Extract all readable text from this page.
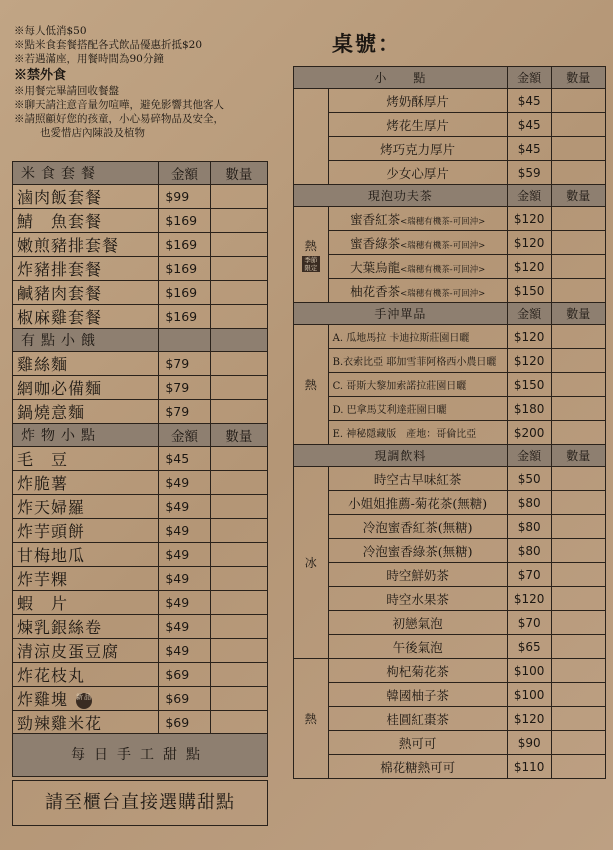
※每人低消$50
※點米食套餐搭配各式飲品優惠折抵$20
※若遇滿座，用餐時間為90分鐘
※禁外食
※用餐完畢請回收餐盤
※聊天請注意音量勿喧嘩，避免影響其他客人
※請照顧好您的孩童，小心易碎物品及安全，
也愛惜店內陳設及植物
桌號：
米食套餐	金額	數量
滷肉飯套餐	$99	
鯖　魚套餐	$169	
嫩煎豬排套餐	$169	
炸豬排套餐	$169	
鹹豬肉套餐	$169	
椒麻雞套餐	$169	
有點小餓		
雞絲麵	$79	
網咖必備麵	$79	
鍋燒意麵	$79	
炸物小點	金額	數量
毛　豆	$45	
炸脆薯	$49	
炸天婦羅	$49	
炸芋頭餅	$49	
甘梅地瓜	$49	
炸芋粿	$49	
蝦　片	$49	
煉乳銀絲卷	$49	
清涼皮蛋豆腐	$49	
炸花枝丸	$69	
炸雞塊 新品	$69	
勁辣雞米花	$69	
每日手工甜點
請至櫃台直接選購甜點
小　　點		金額	數量
	烤奶酥厚片	$45	
	烤花生厚片	$45	
	烤巧克力厚片	$45	
	少女心厚片	$59	
現泡功夫茶		金額	數量
熱
季節限定	蜜香紅茶<瑞穗有機茶-可回沖>	$120	
	蜜香綠茶<瑞穗有機茶-可回沖>	$120	
	大葉烏龍<瑞穗有機茶-可回沖>	$120	
	柚花香茶<瑞穗有機茶-可回沖>	$150	
手沖單品		金額	數量
熱	A. 瓜地馬拉 卡迪拉斯莊園日曬	$120	
	B.衣索比亞 耶加雪菲阿格西小農日曬	$120	
	C. 哥斯大黎加索諾拉莊園日曬	$150	
	D. 巴拿馬艾利達莊園日曬	$180	
	E. 神秘隱藏版　產地：哥倫比亞	$200	
現調飲料		金額	數量
冰	時空古早味紅茶	$50	
	小姐姐推薦-菊花茶(無糖)	$80	
	冷泡蜜香紅茶(無糖)	$80	
	冷泡蜜香綠茶(無糖)	$80	
	時空鮮奶茶	$70	
	時空水果茶	$120	
	初戀氣泡	$70	
	午後氣泡	$65	
熱	枸杞菊花茶	$100	
	韓國柚子茶	$100	
	桂圓紅棗茶	$120	
	熱可可	$90	
	棉花糖熱可可	$110	
